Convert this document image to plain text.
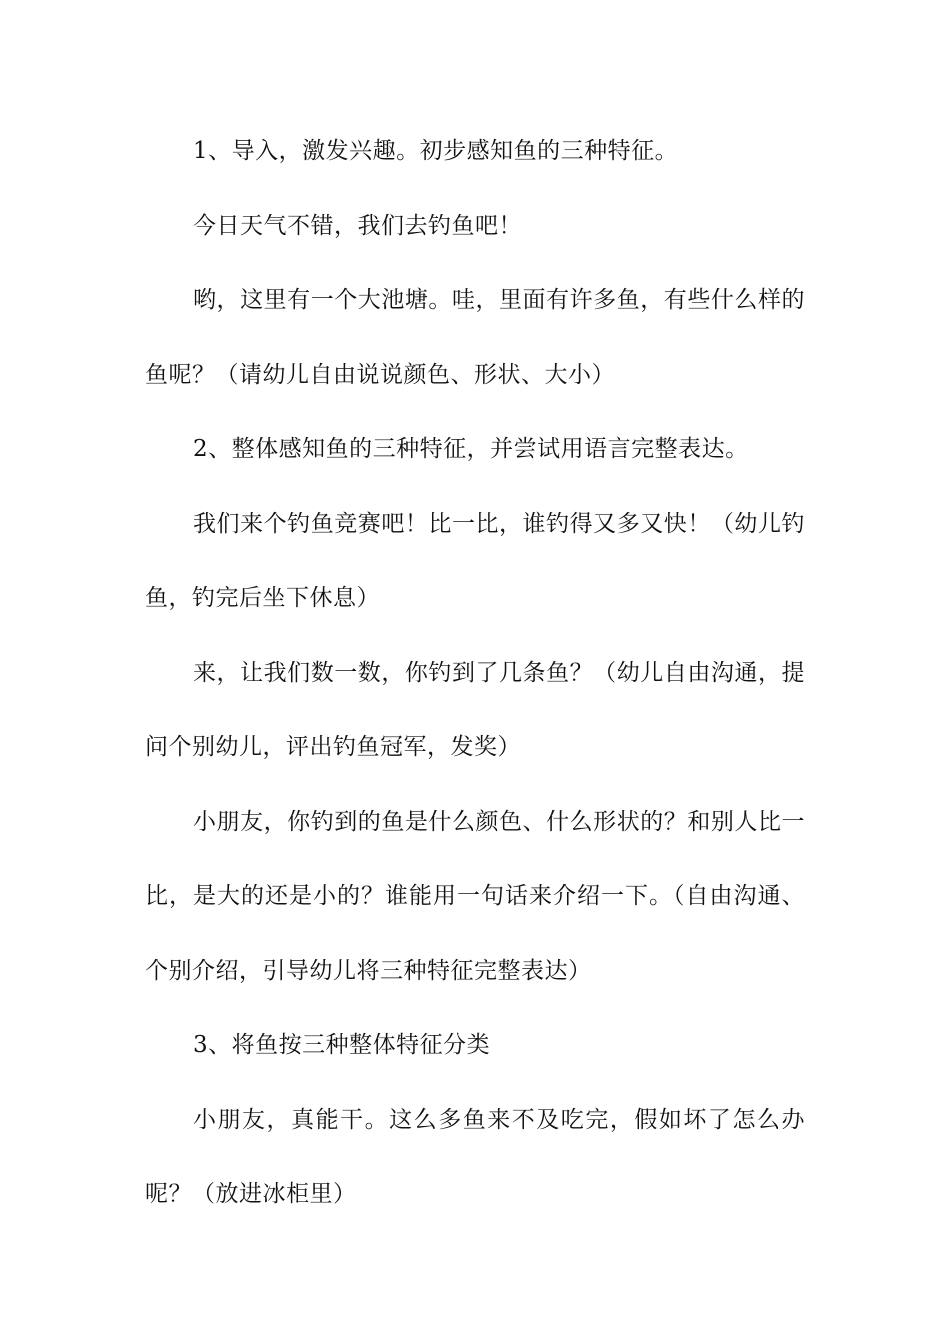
1、导入，激发兴趣。初步感知鱼的三种特征。

今日天气不错，我们去钓鱼吧！

哟，这里有一个大池塘。哇，里面有许多鱼，有些什么样的鱼呢？（请幼儿自由说说颜色、形状、大小）

2、整体感知鱼的三种特征，并尝试用语言完整表达。

我们来个钓鱼竞赛吧！比一比，谁钓得又多又快！（幼儿钓鱼，钓完后坐下休息）

来，让我们数一数，你钓到了几条鱼？（幼儿自由沟通，提问个别幼儿，评出钓鱼冠军，发奖）

小朋友，你钓到的鱼是什么颜色、什么形状的？和别人比一比，是大的还是小的？谁能用一句话来介绍一下。（自由沟通、个别介绍，引导幼儿将三种特征完整表达）

3、将鱼按三种整体特征分类

小朋友，真能干。这么多鱼来不及吃完，假如坏了怎么办呢？（放进冰柜里）
